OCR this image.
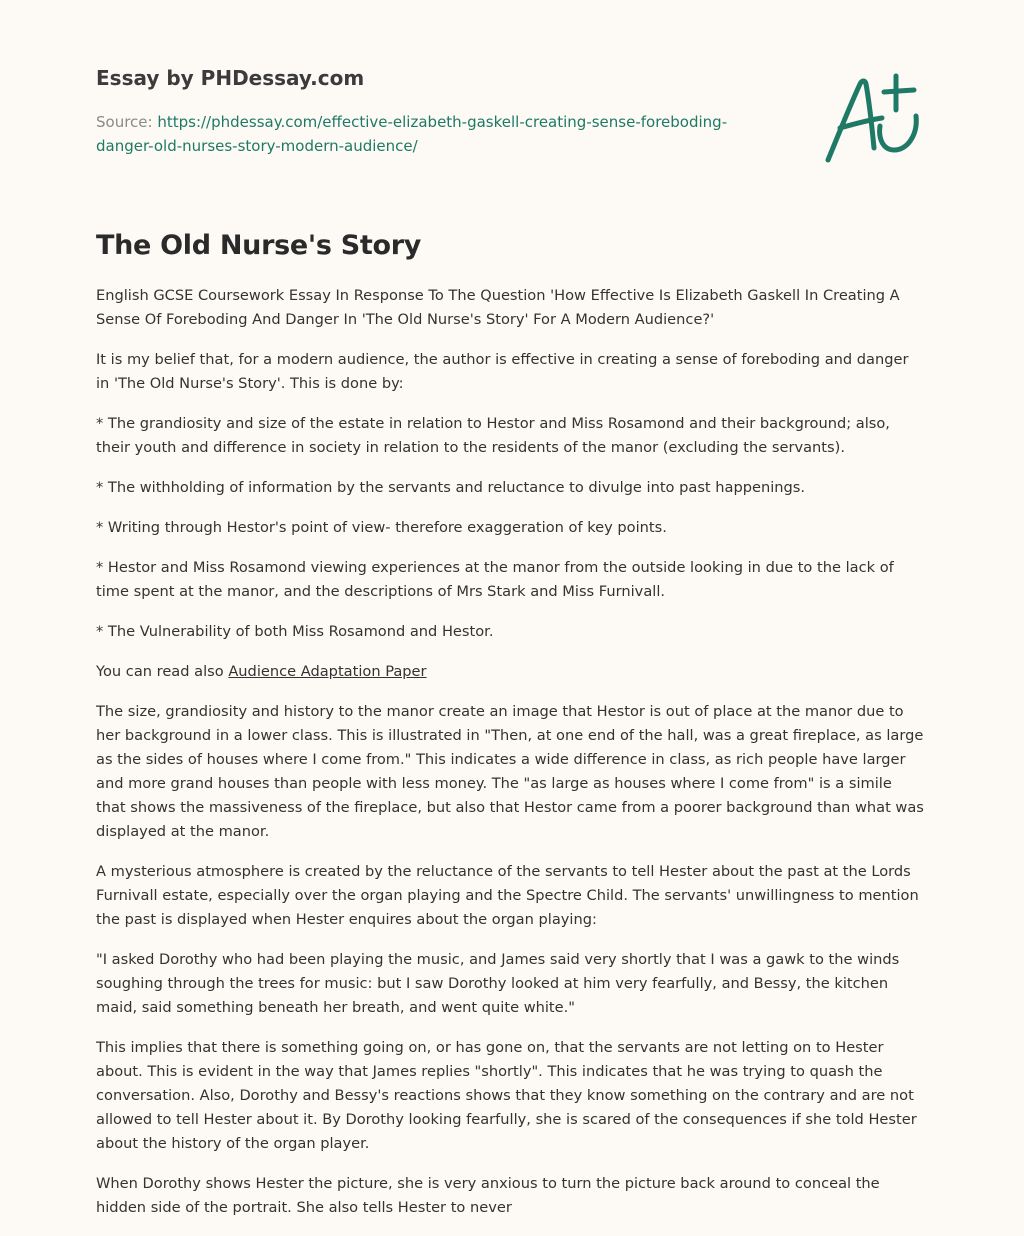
Essay by PHDessay.com
Source: https://phdessay.com/effective-elizabeth-gaskell-creating-sense-foreboding-danger-old-nurses-story-modern-audience/
The Old Nurse's Story

English GCSE Coursework Essay In Response To The Question 'How Effective Is Elizabeth Gaskell In Creating A Sense Of Foreboding And Danger In 'The Old Nurse's Story' For A Modern Audience?'

It is my belief that, for a modern audience, the author is effective in creating a sense of foreboding and danger in 'The Old Nurse's Story'. This is done by:

* The grandiosity and size of the estate in relation to Hestor and Miss Rosamond and their background; also, their youth and difference in society in relation to the residents of the manor (excluding the servants).

* The withholding of information by the servants and reluctance to divulge into past happenings.

* Writing through Hestor's point of view- therefore exaggeration of key points.

* Hestor and Miss Rosamond viewing experiences at the manor from the outside looking in due to the lack of time spent at the manor, and the descriptions of Mrs Stark and Miss Furnivall.

* The Vulnerability of both Miss Rosamond and Hestor.

You can read also Audience Adaptation Paper

The size, grandiosity and history to the manor create an image that Hestor is out of place at the manor due to her background in a lower class. This is illustrated in "Then, at one end of the hall, was a great fireplace, as large as the sides of houses where I come from." This indicates a wide difference in class, as rich people have larger and more grand houses than people with less money. The "as large as houses where I come from" is a simile that shows the massiveness of the fireplace, but also that Hestor came from a poorer background than what was displayed at the manor.

A mysterious atmosphere is created by the reluctance of the servants to tell Hester about the past at the Lords Furnivall estate, especially over the organ playing and the Spectre Child. The servants' unwillingness to mention the past is displayed when Hester enquires about the organ playing:

"I asked Dorothy who had been playing the music, and James said very shortly that I was a gawk to the winds soughing through the trees for music: but I saw Dorothy looked at him very fearfully, and Bessy, the kitchen maid, said something beneath her breath, and went quite white."

This implies that there is something going on, or has gone on, that the servants are not letting on to Hester about. This is evident in the way that James replies "shortly". This indicates that he was trying to quash the conversation. Also, Dorothy and Bessy's reactions shows that they know something on the contrary and are not allowed to tell Hester about it. By Dorothy looking fearfully, she is scared of the consequences if she told Hester about the history of the organ player.

When Dorothy shows Hester the picture, she is very anxious to turn the picture back around to conceal the hidden side of the portrait. She also tells Hester to never
